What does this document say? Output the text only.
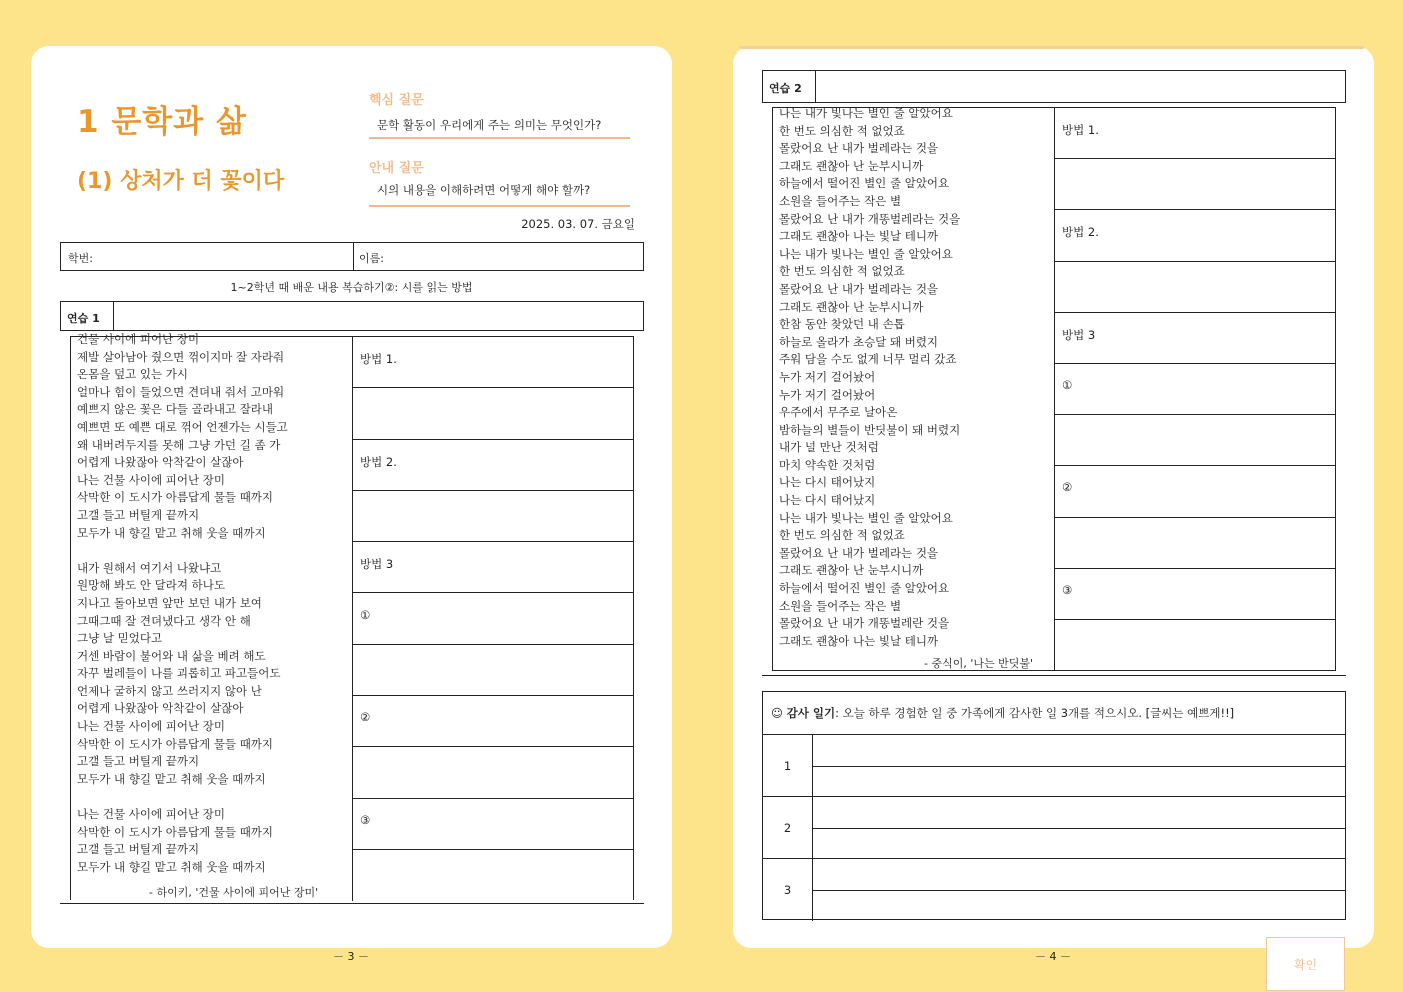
1 문학과 삶
(1) 상처가 더 꽃이다
핵심 질문
문학 활동이 우리에게 주는 의미는 무엇인가?
안내 질문
시의 내용을 이해하려면 어떻게 해야 할까?
2025. 03. 07. 금요일
학번:	이름:
1~2학년 때 배운 내용 복습하기②: 시를 읽는 방법
연습 1
건물 사이에 피어난 장미
제발 살아남아 줬으면 꺾이지마 잘 자라줘
온몸을 덮고 있는 가시
얼마나 힘이 들었으면 견뎌내 줘서 고마워
예쁘지 않은 꽃은 다들 골라내고 잘라내
예쁘면 또 예쁜 대로 꺾어 언젠가는 시들고
왜 내버려두지를 못해 그냥 가던 길 좀 가
어렵게 나왔잖아 악착같이 살잖아
나는 건물 사이에 피어난 장미
삭막한 이 도시가 아름답게 물들 때까지
고갤 들고 버틸게 끝까지
모두가 내 향길 맡고 취해 웃을 때까지

내가 원해서 여기서 나왔냐고
원망해 봐도 안 달라져 하나도
지나고 돌아보면 앞만 보던 내가 보여
그때그때 잘 견뎌냈다고 생각 안 해
그냥 날 믿었다고
거센 바람이 불어와 내 삶을 베려 해도
자꾸 벌레들이 나를 괴롭히고 파고들어도
언제나 굴하지 않고 쓰러지지 않아 난
어렵게 나왔잖아 악착같이 살잖아
나는 건물 사이에 피어난 장미
삭막한 이 도시가 아름답게 물들 때까지
고갤 들고 버틸게 끝까지
모두가 내 향길 맡고 취해 웃을 때까지

나는 건물 사이에 피어난 장미
삭막한 이 도시가 아름답게 물들 때까지
고갤 들고 버틸게 끝까지
모두가 내 향길 맡고 취해 웃을 때까지
- 하이키, '건물 사이에 피어난 장미'
방법 1.
방법 2.
방법 3
①
②
③
－ 3 －
연습 2
나는 내가 빛나는 별인 줄 알았어요
한 번도 의심한 적 없었죠
몰랐어요 난 내가 벌레라는 것을
그래도 괜찮아 난 눈부시니까
하늘에서 떨어진 별인 줄 알았어요
소원을 들어주는 작은 별
몰랐어요 난 내가 개똥벌레라는 것을
그래도 괜찮아 나는 빛날 테니까
나는 내가 빛나는 별인 줄 알았어요
한 번도 의심한 적 없었죠
몰랐어요 난 내가 벌레라는 것을
그래도 괜찮아 난 눈부시니까
한참 동안 찾았던 내 손톱
하늘로 올라가 초승달 돼 버렸지
주워 담을 수도 없게 너무 멀리 갔죠
누가 저기 걸어놨어
누가 저기 걸어놨어
우주에서 무주로 날아온
밤하늘의 별들이 반딧불이 돼 버렸지
내가 널 만난 것처럼
마치 약속한 것처럼
나는 다시 태어났지
나는 다시 태어났지
나는 내가 빛나는 별인 줄 알았어요
한 번도 의심한 적 없었죠
몰랐어요 난 내가 벌레라는 것을
그래도 괜찮아 난 눈부시니까
하늘에서 떨어진 별인 줄 알았어요
소원을 들어주는 작은 별
몰랐어요 난 내가 개똥벌레란 것을
그래도 괜찮아 나는 빛날 테니까
- 중식이, '나는 반딧불'
방법 1.
방법 2.
방법 3
①
②
③
☺ 감사 일기: 오늘 하루 경험한 일 중 가족에게 감사한 일 3개를 적으시오. [글씨는 예쁘게!!]
1
2
3
－ 4 －
확인
